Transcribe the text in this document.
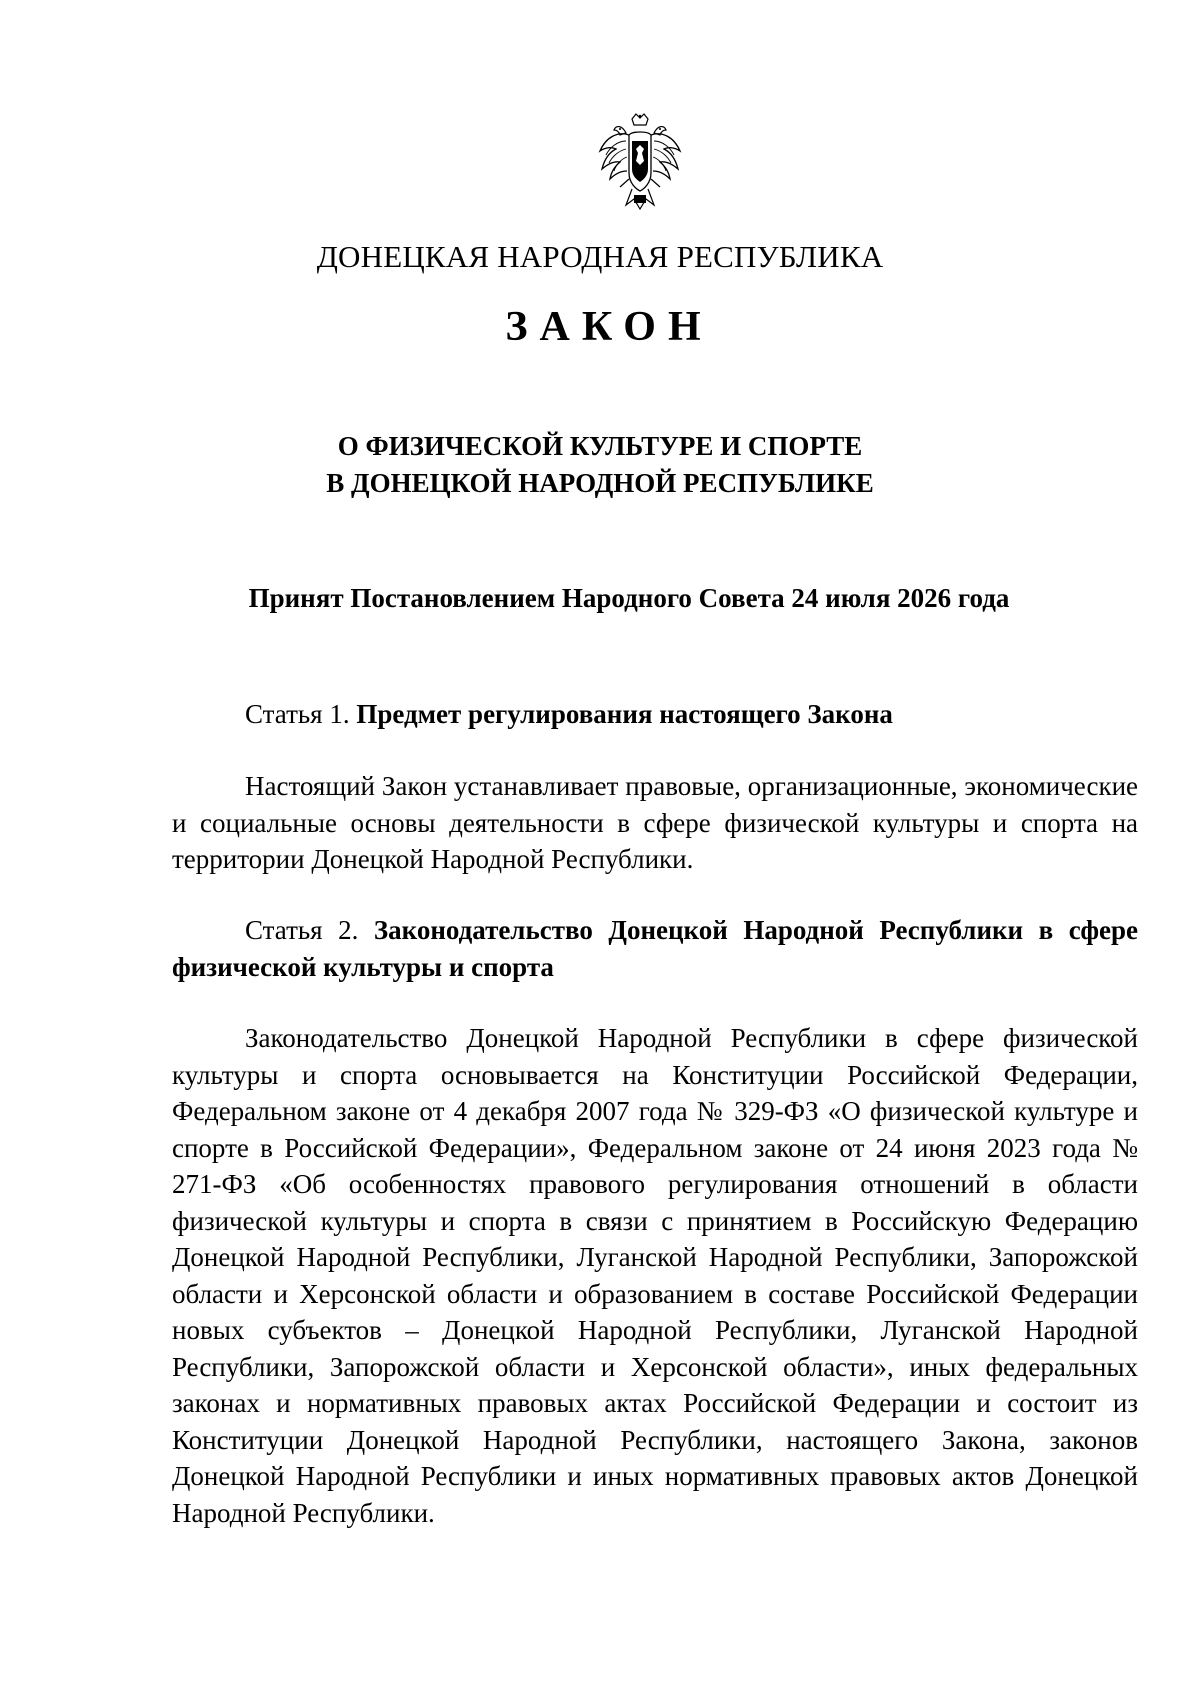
ДОНЕЦКАЯ НАРОДНАЯ РЕСПУБЛИКА
ЗАКОН
О ФИЗИЧЕСКОЙ КУЛЬТУРЕ И СПОРТЕ
В ДОНЕЦКОЙ НАРОДНОЙ РЕСПУБЛИКЕ
Принят Постановлением Народного Совета 24 июля 2026 года
Статья 1. Предмет регулирования настоящего Закона

Настоящий Закон устанавливает правовые, организационные, экономические и социальные основы деятельности в сфере физической культуры и спорта на территории Донецкой Народной Республики.

Статья 2. Законодательство Донецкой Народной Республики в сфере физической культуры и спорта

Законодательство Донецкой Народной Республики в сфере физической культуры и спорта основывается на Конституции Российской Федерации, Федеральном законе от 4 декабря 2007 года № 329-ФЗ «О физической культуре и спорте в Российской Федерации», Федеральном законе от 24 июня 2023 года № 271-ФЗ «Об особенностях правового регулирования отношений в области физической культуры и спорта в связи с принятием в Российскую Федерацию Донецкой Народной Республики, Луганской Народной Республики, Запорожской области и Херсонской области и образованием в составе Российской Федерации новых субъектов – Донецкой Народной Республики, Луганской Народной Республики, Запорожской области и Херсонской области», иных федеральных законах и нормативных правовых актах Российской Федерации и состоит из Конституции Донецкой Народной Республики, настоящего Закона, законов Донецкой Народной Республики и иных нормативных правовых актов Донецкой Народной Республики.
